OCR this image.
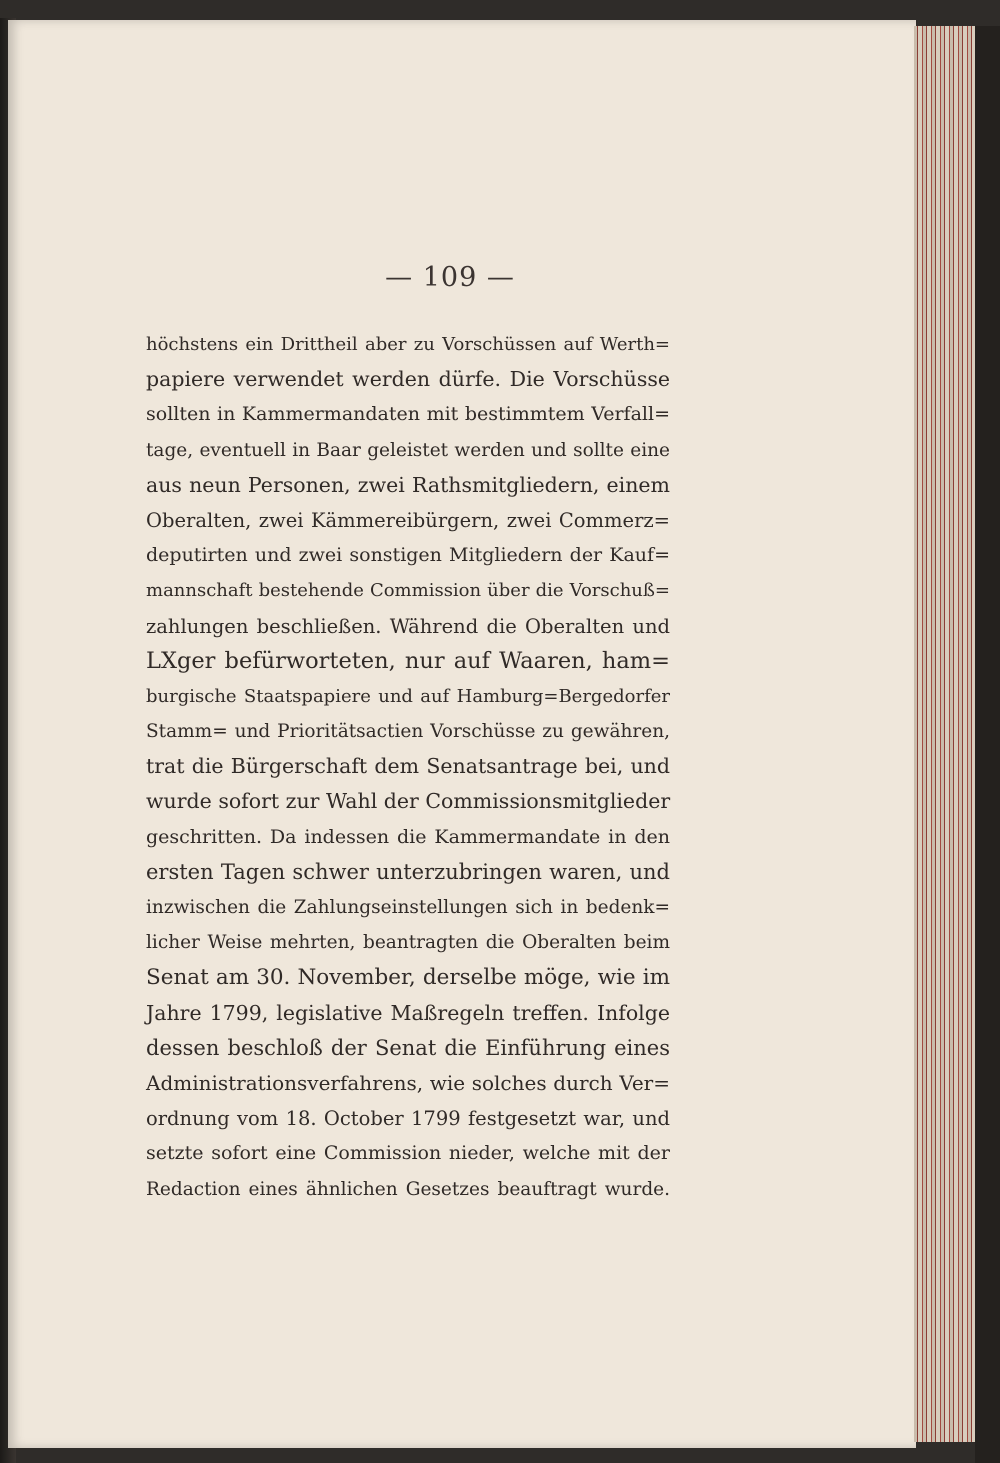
— 109 —

höchstens ein Drittheil aber zu Vorschüssen auf Werth=
papiere verwendet werden dürfe. Die Vorschüsse
sollten in Kammermandaten mit bestimmtem Verfall=
tage, eventuell in Baar geleistet werden und sollte eine
aus neun Personen, zwei Rathsmitgliedern, einem
Oberalten, zwei Kämmereibürgern, zwei Commerz=
deputirten und zwei sonstigen Mitgliedern der Kauf=
mannschaft bestehende Commission über die Vorschuß=
zahlungen beschließen. Während die Oberalten und
LXger befürworteten, nur auf Waaren, ham=
burgische Staatspapiere und auf Hamburg=Bergedorfer
Stamm= und Prioritätsactien Vorschüsse zu gewähren,
trat die Bürgerschaft dem Senatsantrage bei, und
wurde sofort zur Wahl der Commissionsmitglieder
geschritten. Da indessen die Kammermandate in den
ersten Tagen schwer unterzubringen waren, und
inzwischen die Zahlungseinstellungen sich in bedenk=
licher Weise mehrten, beantragten die Oberalten beim
Senat am 30. November, derselbe möge, wie im
Jahre 1799, legislative Maßregeln treffen. Infolge
dessen beschloß der Senat die Einführung eines
Administrationsverfahrens, wie solches durch Ver=
ordnung vom 18. October 1799 festgesetzt war, und
setzte sofort eine Commission nieder, welche mit der
Redaction eines ähnlichen Gesetzes beauftragt wurde.
